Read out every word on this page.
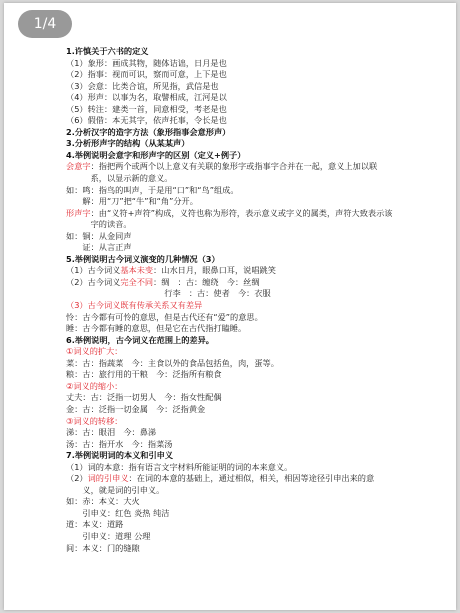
1/4
1.许慎关于六书的定义
（1）象形：画成其物，随体诘诎，日月是也
（2）指事：视而可识，察而可意，上下是也
（3）会意：比类合谊，所见指，武信是也
（4）形声：以事为名，取譬相成，江河是以
（5）转注：建类一首，同意相受，考老是也
（6）假借：本无其字，依声托事，令长是也
2.分析汉字的造字方法（象形指事会意形声）
3.分析形声字的结构（从某某声）
4.举例说明会意字和形声字的区别（定义+例子）
会意字：指把两个或两个以上意义有关联的象形字或指事字合并在一起，意义上加以联
　　　系，以显示新的意义。
如：鸣：指鸟的叫声，于是用“口”和“鸟”组成。
　　解：用“刀”把“牛”和“角”分开。
形声字：由“义符+声符”构成，义符也称为形符，表示意义或字义的属类，声符大致表示该
　　　字的读音。
如：铜：从金同声
　　证：从言正声
5.举例说明古今词义演变的几种情况（3）
（1）古今词义基本未变：山水日月，眼鼻口耳，说唱跳笑
（2）古今词义完全不同：绸　：古：缠绕　今：丝绸
　　　　　　　　　　　　行李　：古：使者　今：衣服
（3）古今词义既有传承关系又有差异
怜：古今都有可怜的意思，但是古代还有“爱”的意思。
睡：古今都有睡的意思，但是它在古代指打瞌睡。
6.举例说明，古今词义在范围上的差异。
①词义的扩大：
菜：古：指蔬菜　今：主食以外的食品包括鱼，肉，蛋等。
粮：古：旅行用的干粮　今：泛指所有粮食
②词义的缩小：
丈夫：古：泛指一切男人　今：指女性配偶
金：古：泛指一切金属　今：泛指黄金
③词义的转移：
涕：古：眼泪　今：鼻涕
汤：古：指开水　今：指菜汤
7.举例说明词的本义和引申义
（1）词的本意：指有语言文字材料所能证明的词的本来意义。
（2）词的引申义：在词的本意的基础上，通过相似，相关，相因等途径引申出来的意
　　义，就是词的引申义。
如：赤：本义：大火
　　引申义：红色 炎热 纯洁
道：本义：道路
　　引申义：道理 公理
间：本义：门的缝隙
